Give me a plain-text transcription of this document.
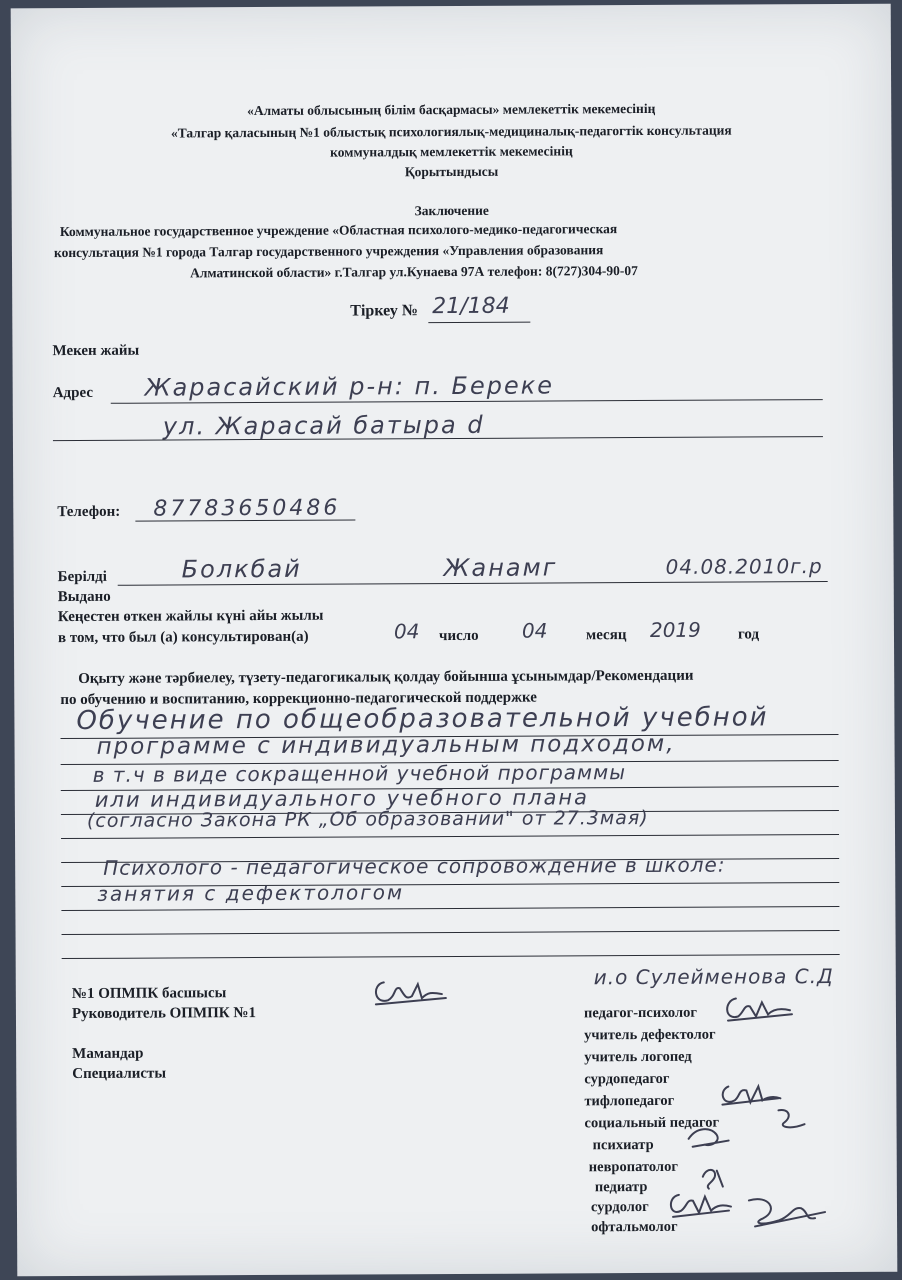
«Алматы облысының білім басқармасы» мемлекеттік мекемесінің
«Талгар қаласының №1 облыстық психологиялық-медициналық-педагогтік консультация
коммуналдық мемлекеттік мекемесінің
Қорытындысы
Заключение
Коммунальное государственное учреждение «Областная психолого-медико-педагогическая
консультация №1 города Талгар государственного учреждения «Управления образования
Алматинской области» г.Талгар ул.Кунаева 97А телефон: 8(727)304-90-07
Тіркеу № 21/184
Мекен жайы
Адрес Жарасайский р-н: п. Береке
ул. Жарасай батыра d
Телефон: 87783650486
Берілді	Болкбай	Жанамг	04.08.2010г.р
Выдано
Кеңестен өткен жайлы күні айы жылы
в том, что был (а) консультирован(а)	04 число 04	месяц 2019 год
Оқыту және тәрбиелеу, түзету-педагогикалық қолдау бойынша ұсынымдар/Рекомендации
по обучению и воспитанию, коррекционно-педагогической поддержке
Обучение по общеобразовательной учебной
программе с индивидуальным подходом,
в т.ч в виде сокращенной учебной программы
или индивидуального учебного плана
(согласно Закона РК „Об образовании" от 27.3мая)
Психолого - педагогическое сопровождение в школе:
занятия с дефектологом
№1 ОПМПК басшысы
Руководитель ОПМПК №1
и.о Сулейменова С.Д
Мамандар
Специалисты
педагог-психолог
учитель дефектолог
учитель логопед
сурдопедагог
тифлопедагог
социальный педагог
психиатр
невропатолог
педиатр
сурдолог
офтальмолог
